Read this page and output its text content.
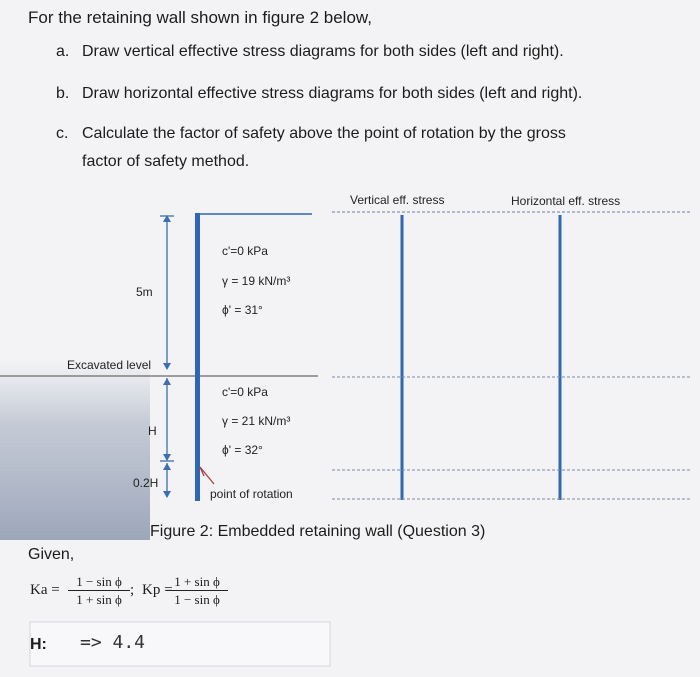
For the retaining wall shown in figure 2 below,
a. Draw vertical effective stress diagrams for both sides (left and right).
b. Draw horizontal effective stress diagrams for both sides (left and right).
c. Calculate the factor of safety above the point of rotation by the gross
factor of safety method.
Vertical eff. stress	Horizontal eff. stress
c'=0 kPa
γ = 19 kN/m³
ϕ' = 31°
c'=0 kPa
γ = 21 kN/m³
ϕ' = 32°
5m
Excavated level
H
0.2H
point of rotation
Figure 2: Embedded retaining wall (Question 3)
Given,
Ka =
1 − sin ϕ
1 + sin ϕ
; Kp =
1 + sin ϕ
1 − sin ϕ
H: => 4.4
